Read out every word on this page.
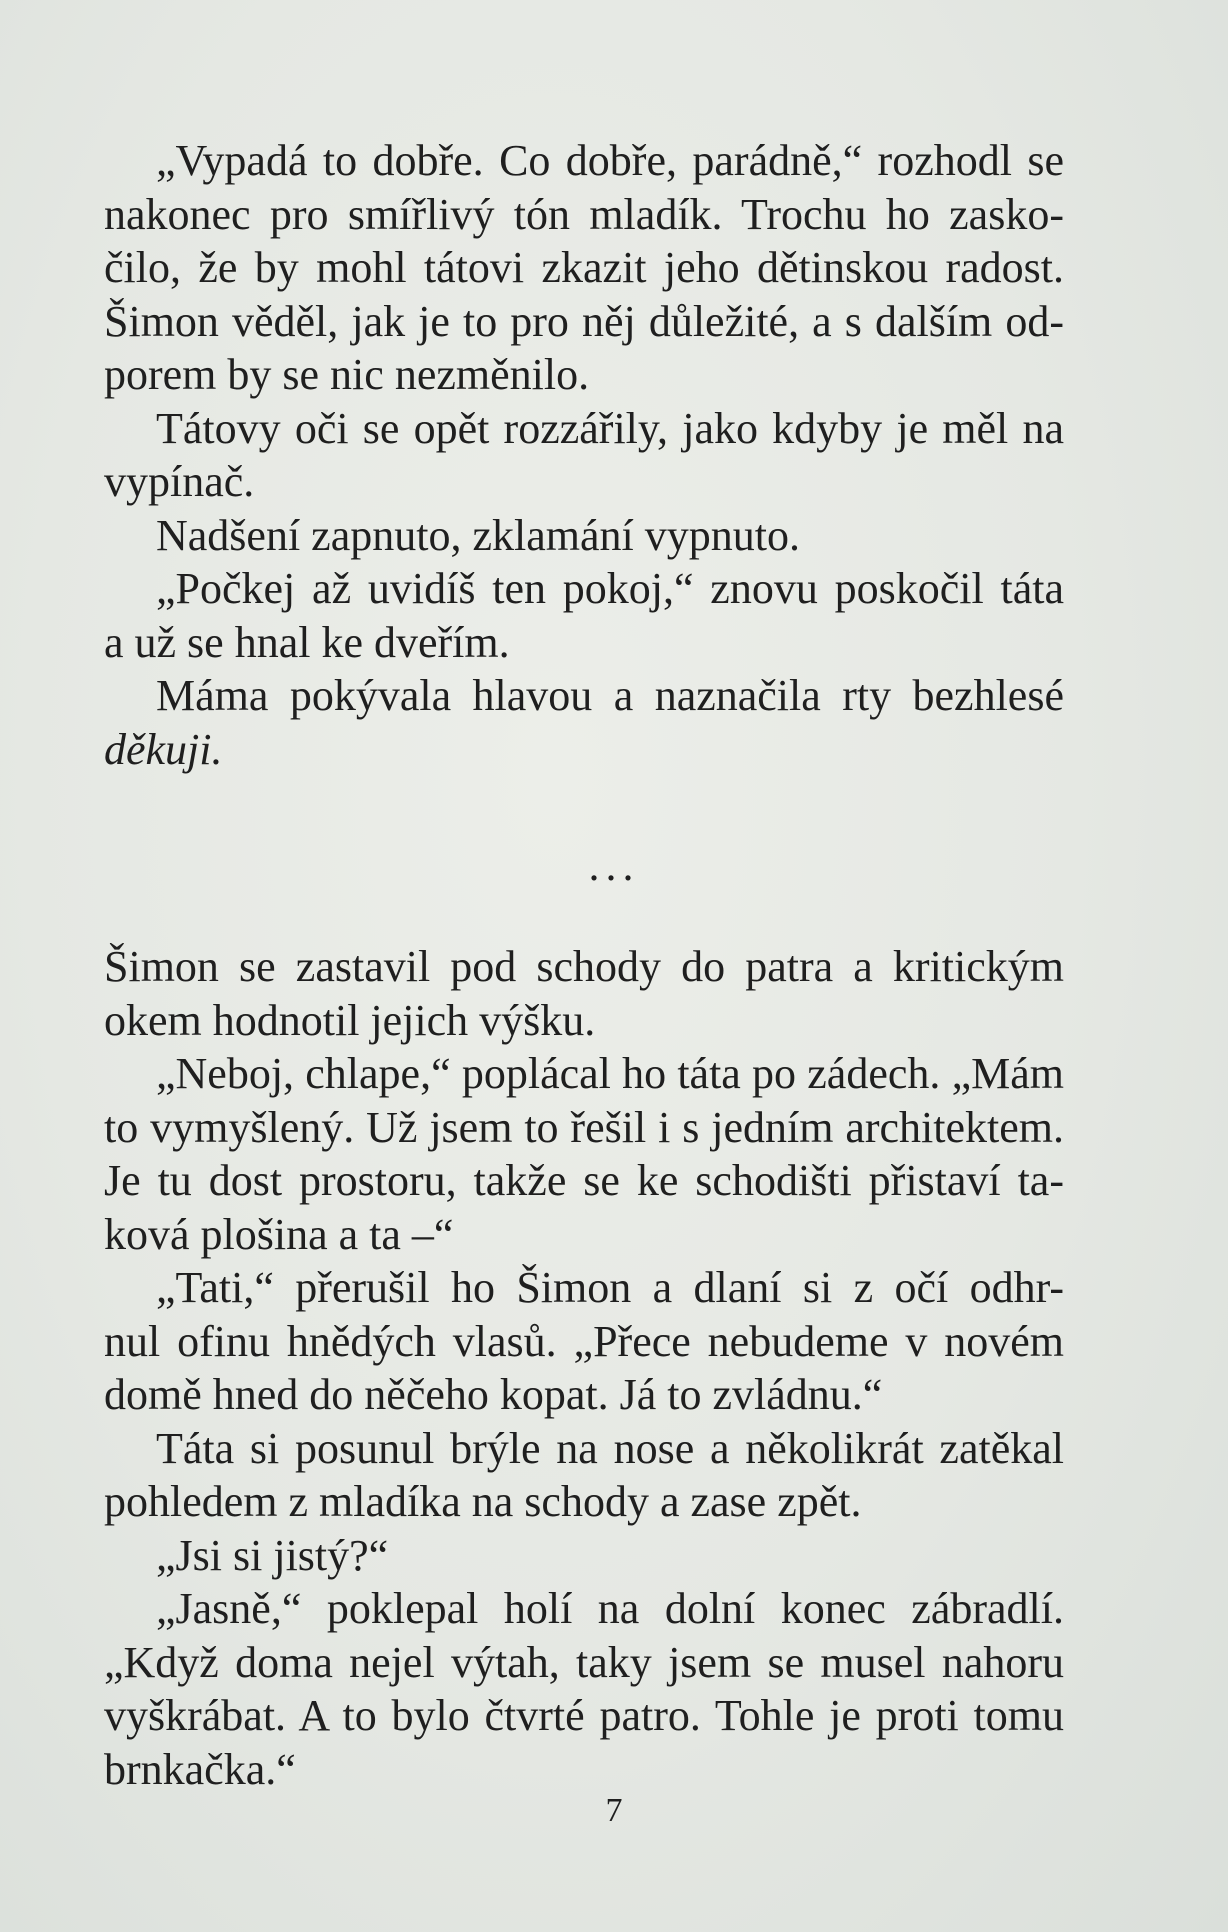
„Vypadá to dobře. Co dobře, parádně,“ rozhodl se
nakonec pro smířlivý tón mladík. Trochu ho zasko-
čilo, že by mohl tátovi zkazit jeho dětinskou radost.
Šimon věděl, jak je to pro něj důležité, a s dalším od-
porem by se nic nezměnilo.
Tátovy oči se opět rozzářily, jako kdyby je měl na
vypínač.
Nadšení zapnuto, zklamání vypnuto.
„Počkej až uvidíš ten pokoj,“ znovu poskočil táta
a už se hnal ke dveřím.
Máma pokývala hlavou a naznačila rty bezhlesé
děkuji.
...
Šimon se zastavil pod schody do patra a kritickým
okem hodnotil jejich výšku.
„Neboj, chlape,“ poplácal ho táta po zádech. „Mám
to vymyšlený. Už jsem to řešil i s jedním architektem.
Je tu dost prostoru, takže se ke schodišti přistaví ta-
ková plošina a ta –“
„Tati,“ přerušil ho Šimon a dlaní si z očí odhr-
nul ofinu hnědých vlasů. „Přece nebudeme v novém
domě hned do něčeho kopat. Já to zvládnu.“
Táta si posunul brýle na nose a několikrát zatěkal
pohledem z mladíka na schody a zase zpět.
„Jsi si jistý?“
„Jasně,“ poklepal holí na dolní konec zábradlí.
„Když doma nejel výtah, taky jsem se musel nahoru
vyškrábat. A to bylo čtvrté patro. Tohle je proti tomu
brnkačka.“
7
